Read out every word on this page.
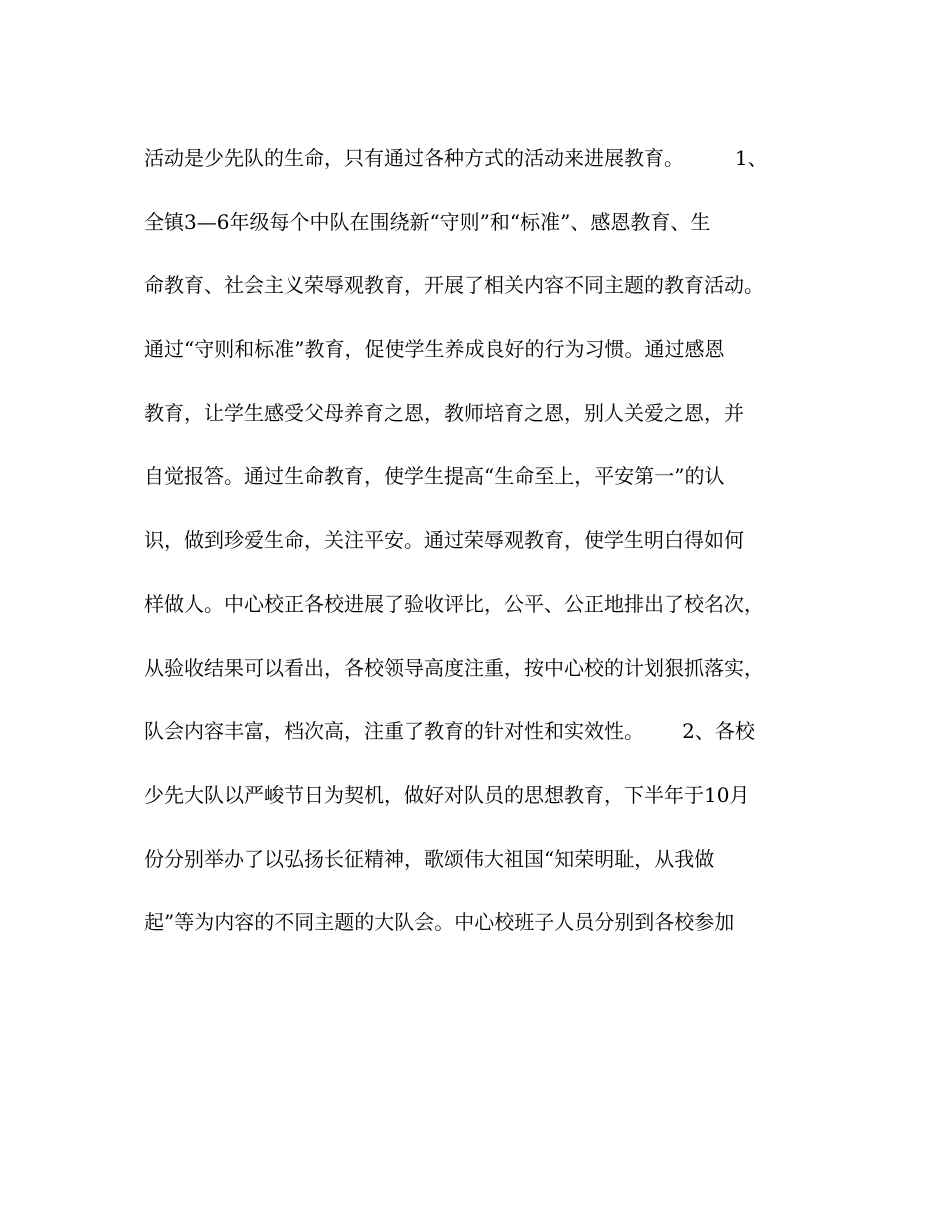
活动是少先队的生命，只有通过各种方式的活动来进展教育。        1、
全镇3—6年级每个中队在围绕新“守则”和“标准”、感恩教育、生
命教育、社会主义荣辱观教育，开展了相关内容不同主题的教育活动。
通过“守则和标准”教育，促使学生养成良好的行为习惯。通过感恩
教育，让学生感受父母养育之恩，教师培育之恩，别人关爱之恩，并
自觉报答。通过生命教育，使学生提高“生命至上，平安第一”的认
识，做到珍爱生命，关注平安。通过荣辱观教育，使学生明白得如何
样做人。中心校正各校进展了验收评比，公平、公正地排出了校名次，
从验收结果可以看出，各校领导高度注重，按中心校的计划狠抓落实，
队会内容丰富，档次高，注重了教育的针对性和实效性。      2、各校
少先大队以严峻节日为契机，做好对队员的思想教育，下半年于10月
份分别举办了以弘扬长征精神，歌颂伟大祖国“知荣明耻，从我做
起”等为内容的不同主题的大队会。中心校班子人员分别到各校参加
